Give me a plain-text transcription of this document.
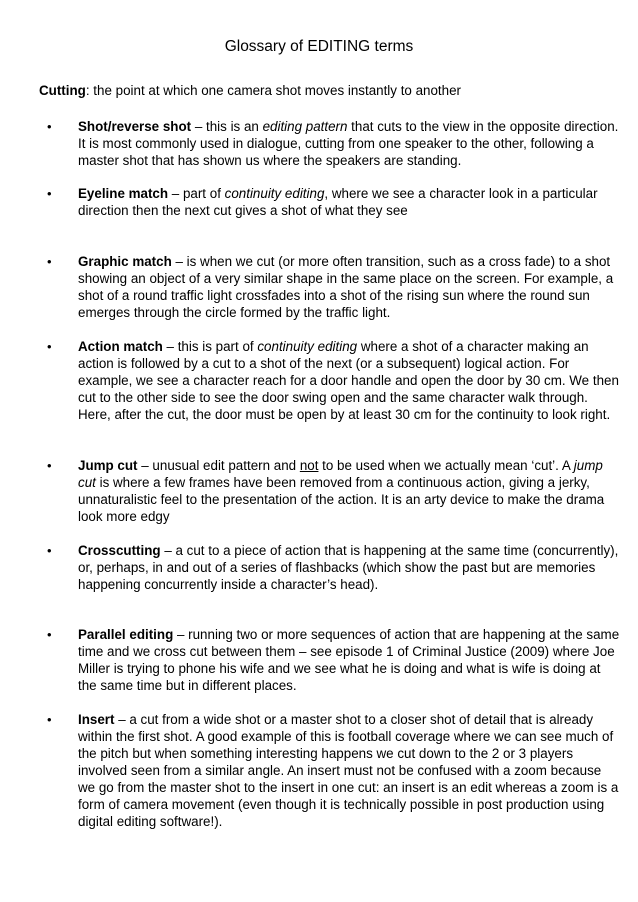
Glossary of EDITING terms
Cutting: the point at which one camera shot moves instantly to another
•	Shot/reverse shot – this is an editing pattern that cuts to the view in the opposite direction. It is most commonly used in dialogue, cutting from one speaker to the other, following a master shot that has shown us where the speakers are standing.
•	Eyeline match – part of continuity editing, where we see a character look in a particular direction then the next cut gives a shot of what they see
•	Graphic match – is when we cut (or more often transition, such as a cross fade) to a shot showing an object of a very similar shape in the same place on the screen. For example, a shot of a round traffic light crossfades into a shot of the rising sun where the round sun emerges through the circle formed by the traffic light.
•	Action match – this is part of continuity editing where a shot of a character making an action is followed by a cut to a shot of the next (or a subsequent) logical action. For example, we see a character reach for a door handle and open the door by 30 cm. We then cut to the other side to see the door swing open and the same character walk through. Here, after the cut, the door must be open by at least 30 cm for the continuity to look right.
•	Jump cut – unusual edit pattern and not to be used when we actually mean ‘cut’. A jump cut is where a few frames have been removed from a continuous action, giving a jerky, unnaturalistic feel to the presentation of the action. It is an arty device to make the drama look more edgy
•	Crosscutting – a cut to a piece of action that is happening at the same time (concurrently), or, perhaps, in and out of a series of flashbacks (which show the past but are memories happening concurrently inside a character’s head).
•	Parallel editing – running two or more sequences of action that are happening at the same time and we cross cut between them – see episode 1 of Criminal Justice (2009) where Joe Miller is trying to phone his wife and we see what he is doing and what is wife is doing at the same time but in different places.
•	Insert – a cut from a wide shot or a master shot to a closer shot of detail that is already within the first shot. A good example of this is football coverage where we can see much of the pitch but when something interesting happens we cut down to the 2 or 3 players involved seen from a similar angle. An insert must not be confused with a zoom because we go from the master shot to the insert in one cut: an insert is an edit whereas a zoom is a form of camera movement (even though it is technically possible in post production using digital editing software!).
